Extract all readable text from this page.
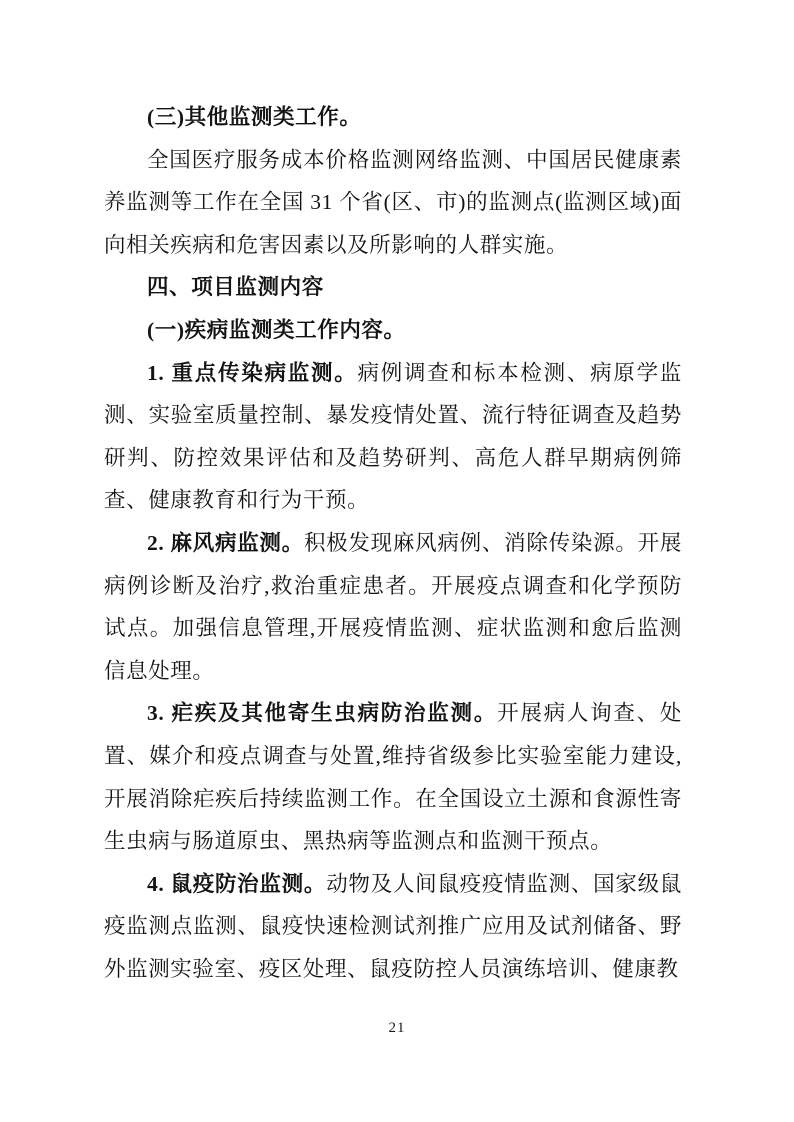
(三)其他监测类工作。

全国医疗服务成本价格监测网络监测、中国居民健康素养监测等工作在全国 31 个省(区、市)的监测点(监测区域)面向相关疾病和危害因素以及所影响的人群实施。

四、项目监测内容

(一)疾病监测类工作内容。

1. 重点传染病监测。病例调查和标本检测、病原学监测、实验室质量控制、暴发疫情处置、流行特征调查及趋势研判、防控效果评估和及趋势研判、高危人群早期病例筛查、健康教育和行为干预。

2. 麻风病监测。积极发现麻风病例、消除传染源。开展病例诊断及治疗,救治重症患者。开展疫点调查和化学预防试点。加强信息管理,开展疫情监测、症状监测和愈后监测信息处理。

3. 疟疾及其他寄生虫病防治监测。开展病人询查、处置、媒介和疫点调查与处置,维持省级参比实验室能力建设,开展消除疟疾后持续监测工作。在全国设立土源和食源性寄生虫病与肠道原虫、黑热病等监测点和监测干预点。

4. 鼠疫防治监测。动物及人间鼠疫疫情监测、国家级鼠疫监测点监测、鼠疫快速检测试剂推广应用及试剂储备、野外监测实验室、疫区处理、鼠疫防控人员演练培训、健康教

21
